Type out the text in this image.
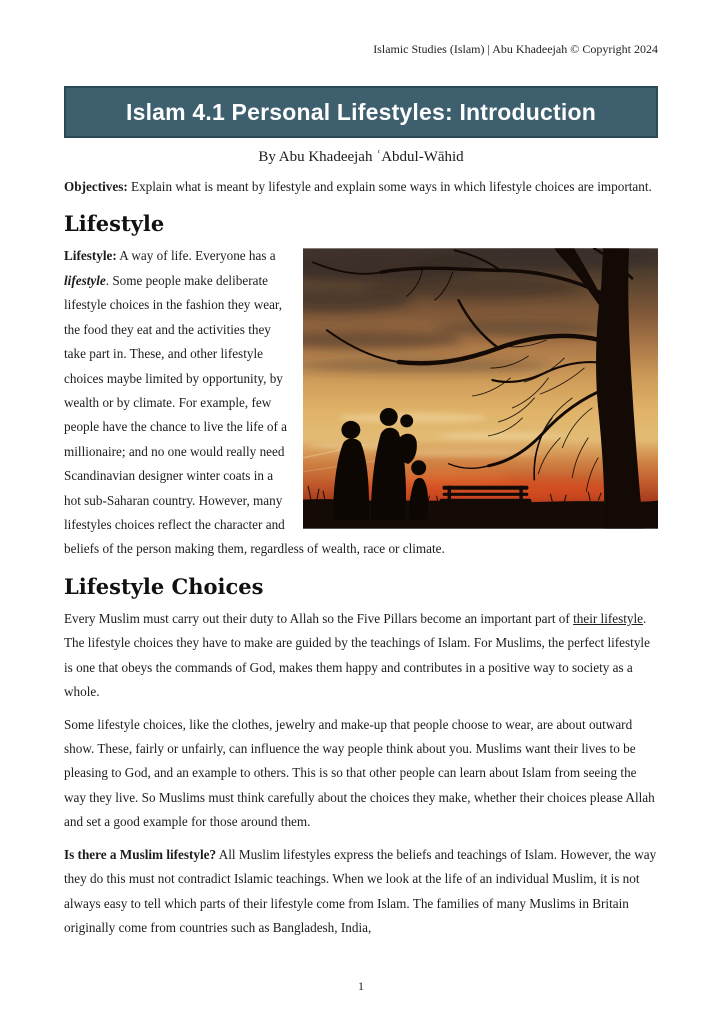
Islamic Studies (Islam) | Abu Khadeejah © Copyright 2024
Islam 4.1 Personal Lifestyles: Introduction

By Abu Khadeejah ʿAbdul-Wāhid

Objectives: Explain what is meant by lifestyle and explain some ways in which lifestyle choices are important.

Lifestyle

Lifestyle: A way of life. Everyone has a lifestyle. Some people make deliberate lifestyle choices in the fashion they wear, the food they eat and the activities they take part in. These, and other lifestyle choices maybe limited by opportunity, by wealth or by climate. For example, few people have the chance to live the life of a millionaire; and no one would really need Scandinavian designer winter coats in a hot sub-Saharan country. However, many lifestyles choices reflect the character and beliefs of the person making them, regardless of wealth, race or climate.

Lifestyle Choices

Every Muslim must carry out their duty to Allah so the Five Pillars become an important part of their lifestyle. The lifestyle choices they have to make are guided by the teachings of Islam. For Muslims, the perfect lifestyle is one that obeys the commands of God, makes them happy and contributes in a positive way to society as a whole.

Some lifestyle choices, like the clothes, jewelry and make-up that people choose to wear, are about outward show. These, fairly or unfairly, can influence the way people think about you. Muslims want their lives to be pleasing to God, and an example to others. This is so that other people can learn about Islam from seeing the way they live. So Muslims must think carefully about the choices they make, whether their choices please Allah and set a good example for those around them.

Is there a Muslim lifestyle? All Muslim lifestyles express the beliefs and teachings of Islam. However, the way they do this must not contradict Islamic teachings. When we look at the life of an individual Muslim, it is not always easy to tell which parts of their lifestyle come from Islam. The families of many Muslims in Britain originally come from countries such as Bangladesh, India,

1
